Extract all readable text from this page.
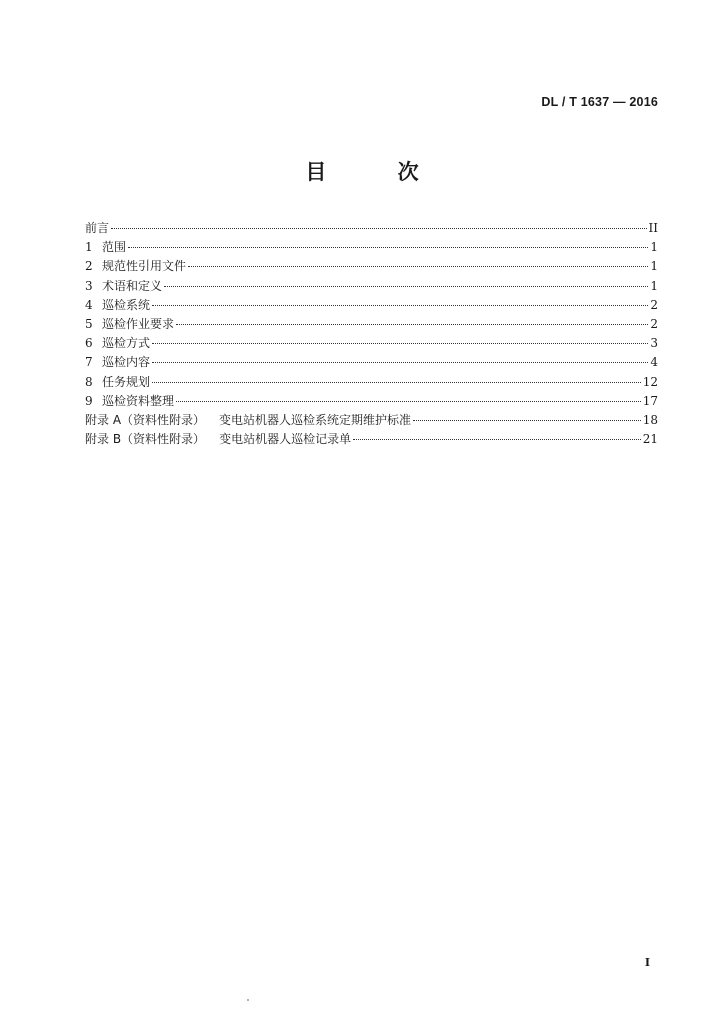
DL / T 1637 — 2016
目 次
前言	II
1 范围	1
2 规范性引用文件	1
3 术语和定义	1
4 巡检系统	2
5 巡检作业要求	2
6 巡检方式	3
7 巡检内容	4
8 任务规划	12
9 巡检资料整理	17
附录 A（资料性附录） 变电站机器人巡检系统定期维护标准	18
附录 B（资料性附录） 变电站机器人巡检记录单	21
I
